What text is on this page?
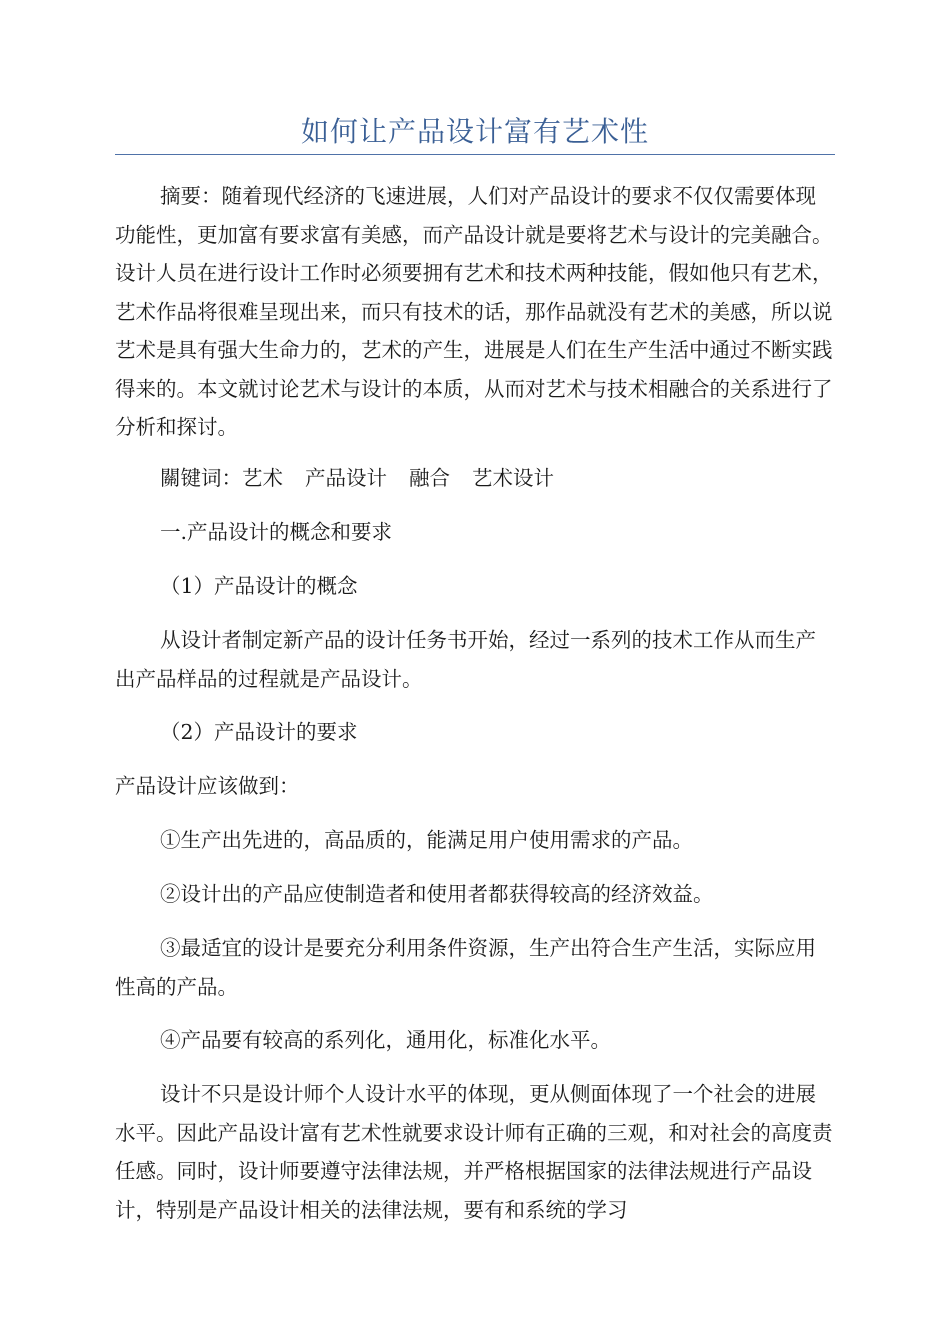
如何让产品设计富有艺术性

摘要：随着现代经济的飞速进展，人们对产品设计的要求不仅仅需要体现功能性，更加富有要求富有美感，而产品设计就是要将艺术与设计的完美融合。设计人员在进行设计工作时必须要拥有艺术和技术两种技能，假如他只有艺术，艺术作品将很难呈现出来，而只有技术的话，那作品就没有艺术的美感，所以说艺术是具有强大生命力的，艺术的产生，进展是人们在生产生活中通过不断实践得来的。本文就讨论艺术与设计的本质，从而对艺术与技术相融合的关系进行了分析和探讨。

關键词：艺术 产品设计 融合 艺术设计

一.产品设计的概念和要求

（1）产品设计的概念

从设计者制定新产品的设计任务书开始，经过一系列的技术工作从而生产出产品样品的过程就是产品设计。

（2）产品设计的要求

产品设计应该做到：

①生产出先进的，高品质的，能满足用户使用需求的产品。

②设计出的产品应使制造者和使用者都获得较高的经济效益。

③最适宜的设计是要充分利用条件资源，生产出符合生产生活，实际应用性高的产品。

④产品要有较高的系列化，通用化，标准化水平。

设计不只是设计师个人设计水平的体现，更从侧面体现了一个社会的进展水平。因此产品设计富有艺术性就要求设计师有正确的三观，和对社会的高度责任感。同时，设计师要遵守法律法规，并严格根据国家的法律法规进行产品设计，特别是产品设计相关的法律法规，要有和系统的学习
